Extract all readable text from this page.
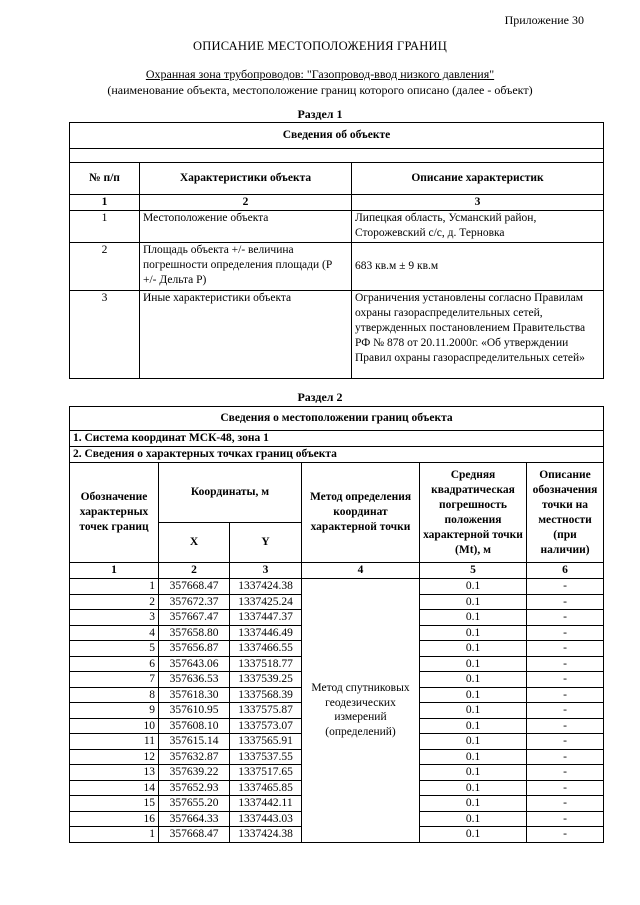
Приложение 30
ОПИСАНИЕ МЕСТОПОЛОЖЕНИЯ ГРАНИЦ
Охранная зона трубопроводов: "Газопровод-ввод низкого давления"
(наименование объекта, местоположение границ которого описано (далее - объект)
Раздел 1
Сведения об объекте		

№ п/п	Характеристики объекта	Описание характеристик
1	2	3
1	Местоположение объекта	Липецкая область, Усманский район, Сторожевский с/с, д. Терновка
2	Площадь объекта +/- величина погрешности определения площади (P +/- Дельта P)	683 кв.м ± 9 кв.м
3	Иные характеристики объекта	Ограничения установлены согласно Правилам охраны газораспределительных сетей, утвержденных постановлением Правительства РФ № 878 от 20.11.2000г. «Об утверждении Правил охраны газораспределительных сетей»
Раздел 2
Сведения о местоположении границ объекта					
1. Система координат МСК-48, зона 1					
2. Сведения о характерных точках границ объекта					
Обозначение характерных точек границ	Координаты, м		Метод определения координат характерной точки	Средняя квадратическая погрешность положения характерной точки (Mt), м	Описание обозначения точки на местности (при наличии)
	X	Y			
1	2	3	4	5	6
1	357668.47	1337424.38	Метод спутниковых геодезических измерений (определений)	0.1	-
2	357672.37	1337425.24		0.1	-
3	357667.47	1337447.37		0.1	-
4	357658.80	1337446.49		0.1	-
5	357656.87	1337466.55		0.1	-
6	357643.06	1337518.77		0.1	-
7	357636.53	1337539.25		0.1	-
8	357618.30	1337568.39		0.1	-
9	357610.95	1337575.87		0.1	-
10	357608.10	1337573.07		0.1	-
11	357615.14	1337565.91		0.1	-
12	357632.87	1337537.55		0.1	-
13	357639.22	1337517.65		0.1	-
14	357652.93	1337465.85		0.1	-
15	357655.20	1337442.11		0.1	-
16	357664.33	1337443.03		0.1	-
1	357668.47	1337424.38		0.1	-
